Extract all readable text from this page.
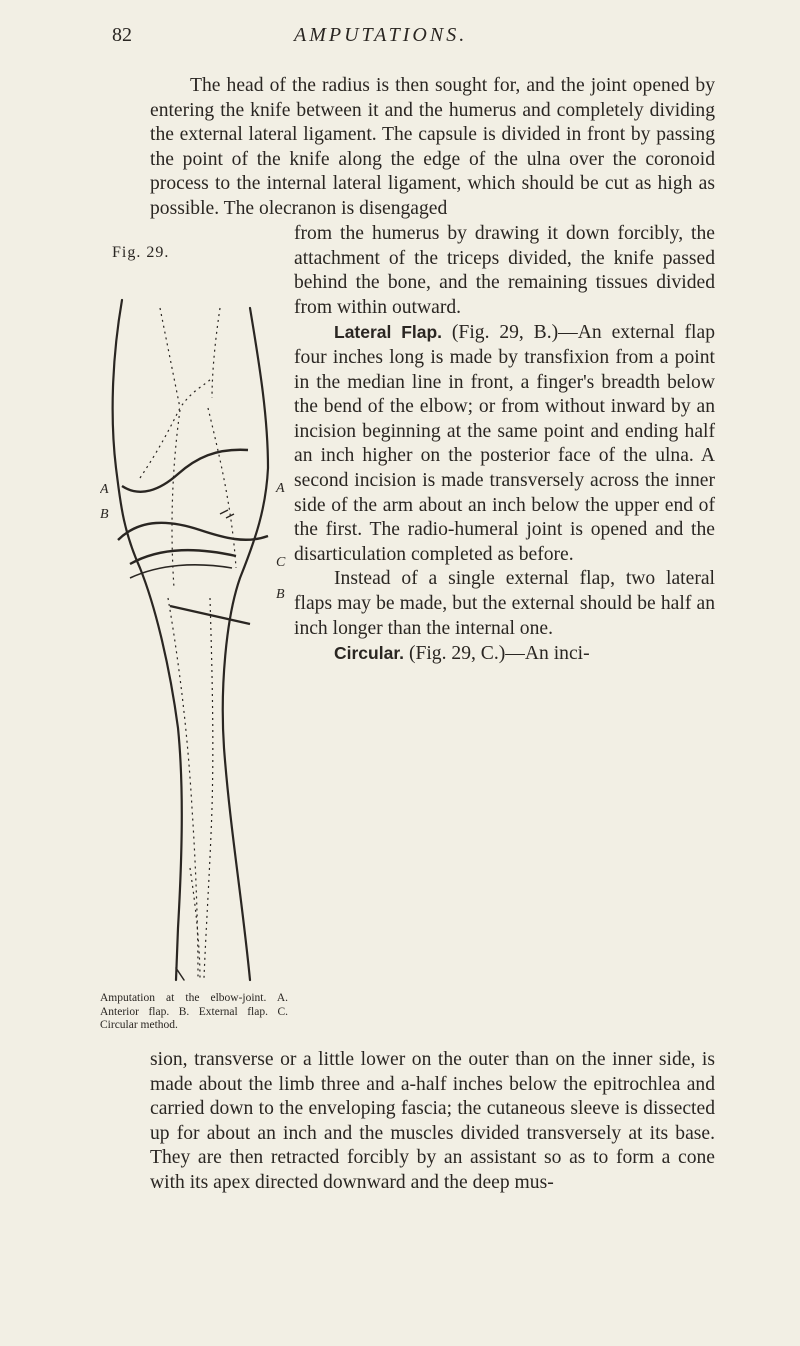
82	AMPUTATIONS.

The head of the radius is then sought for, and the joint opened by entering the knife between it and the humerus and completely dividing the external lateral ligament. The capsule is divided in front by passing the point of the knife along the edge of the ulna over the coronoid process to the internal lateral ligament, which should be cut as high as possible. The olecranon is disengaged

Fig. 29.
A
B
A
C
B
Amputation at the elbow-joint. A. Anterior flap. B. External flap. C. Circular method.
from the humerus by drawing it down forcibly, the attachment of the triceps divided, the knife passed behind the bone, and the remaining tissues divided from within outward.
Lateral Flap. (Fig. 29, B.)—An external flap four inches long is made by transfixion from a point in the median line in front, a finger's breadth below the bend of the elbow; or from without inward by an incision beginning at the same point and ending half an inch higher on the posterior face of the ulna. A second incision is made transversely across the inner side of the arm about an inch below the upper end of the first. The radio-humeral joint is opened and the disarticulation completed as before.
Instead of a single external flap, two lateral flaps may be made, but the external should be half an inch longer than the internal one.
Circular. (Fig. 29, C.)—An inci-

sion, transverse or a little lower on the outer than on the inner side, is made about the limb three and a-half inches below the epitrochlea and carried down to the enveloping fascia; the cutaneous sleeve is dissected up for about an inch and the muscles divided transversely at its base. They are then retracted forcibly by an assistant so as to form a cone with its apex directed downward and the deep mus-
